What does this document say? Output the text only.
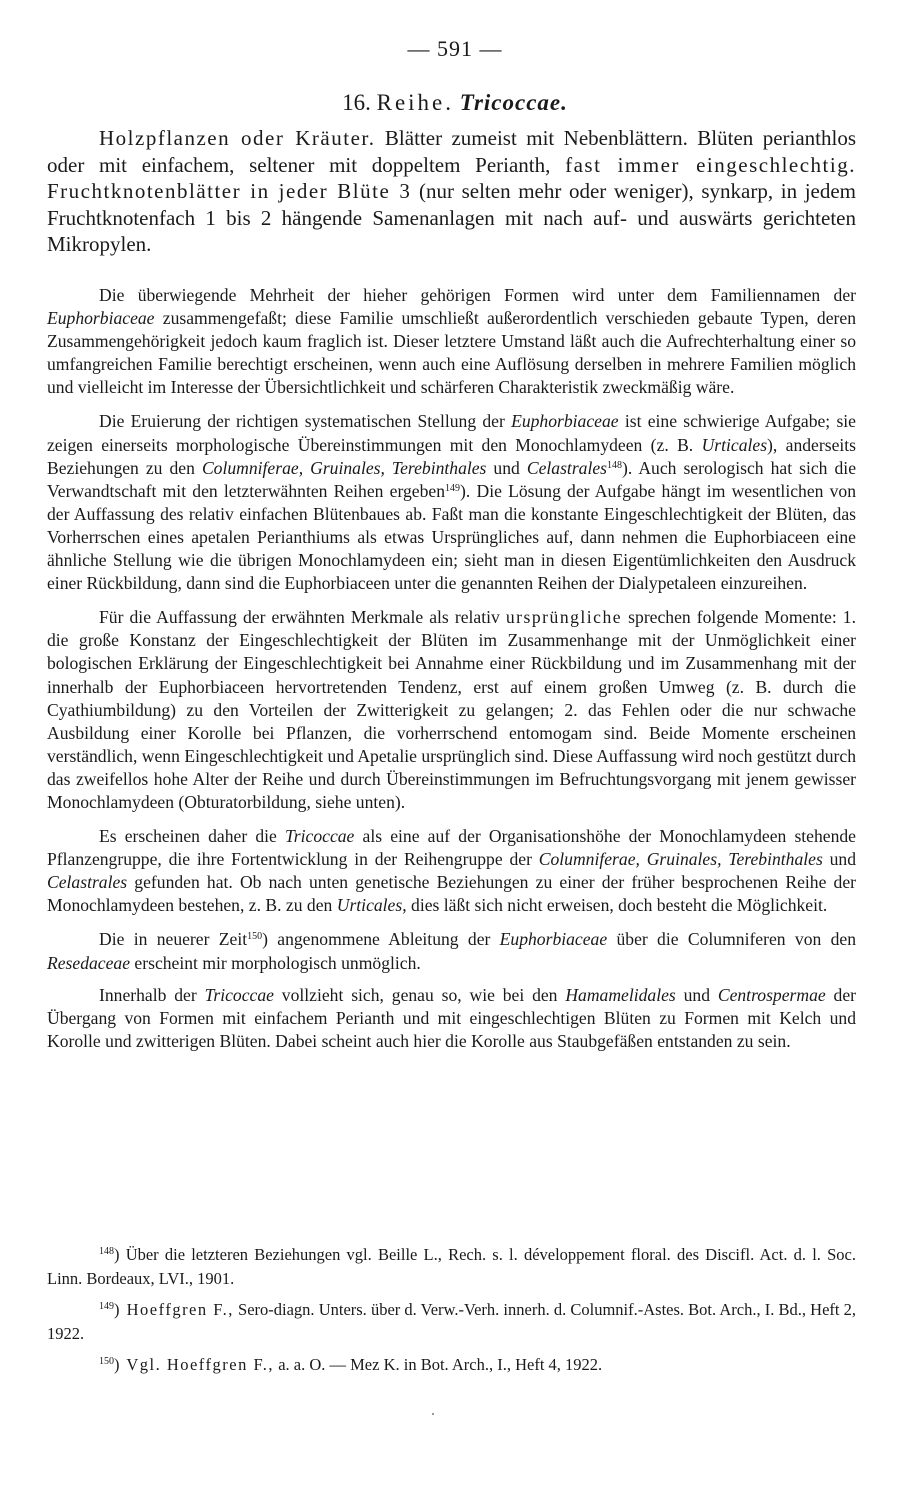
— 591 —
16. Reihe. Tricoccae.

Holzpflanzen oder Kräuter. Blätter zumeist mit Nebenblättern. Blüten perianthlos oder mit einfachem, seltener mit doppeltem Perianth, fast immer eingeschlechtig. Fruchtknotenblätter in jeder Blüte 3 (nur selten mehr oder weniger), synkarp, in jedem Fruchtknotenfach 1 bis 2 hängende Samenanlagen mit nach auf- und auswärts gerichteten Mikropylen.

Die überwiegende Mehrheit der hieher gehörigen Formen wird unter dem Familiennamen der Euphorbiaceae zusammengefaßt; diese Familie umschließt außerordentlich verschieden gebaute Typen, deren Zusammengehörigkeit jedoch kaum fraglich ist. Dieser letztere Umstand läßt auch die Aufrechterhaltung einer so umfangreichen Familie berechtigt erscheinen, wenn auch eine Auflösung derselben in mehrere Familien möglich und vielleicht im Interesse der Übersichtlichkeit und schärferen Charakteristik zweckmäßig wäre.

Die Eruierung der richtigen systematischen Stellung der Euphorbiaceae ist eine schwierige Aufgabe; sie zeigen einerseits morphologische Übereinstimmungen mit den Monochlamydeen (z. B. Urticales), anderseits Beziehungen zu den Columniferae, Gruinales, Terebinthales und Celastrales$^{148}$). Auch serologisch hat sich die Verwandtschaft mit den letzterwähnten Reihen ergeben$^{149}$). Die Lösung der Aufgabe hängt im wesentlichen von der Auffassung des relativ einfachen Blütenbaues ab. Faßt man die konstante Eingeschlechtigkeit der Blüten, das Vorherrschen eines apetalen Perianthiums als etwas Ursprüngliches auf, dann nehmen die Euphorbiaceen eine ähnliche Stellung wie die übrigen Monochlamydeen ein; sieht man in diesen Eigentümlichkeiten den Ausdruck einer Rückbildung, dann sind die Euphorbiaceen unter die genannten Reihen der Dialypetaleen einzureihen.

Für die Auffassung der erwähnten Merkmale als relativ ursprüngliche sprechen folgende Momente: 1. die große Konstanz der Eingeschlechtigkeit der Blüten im Zusammenhange mit der Unmöglichkeit einer bologischen Erklärung der Eingeschlechtigkeit bei Annahme einer Rückbildung und im Zusammenhang mit der innerhalb der Euphorbiaceen hervortretenden Tendenz, erst auf einem großen Umweg (z. B. durch die Cyathiumbildung) zu den Vorteilen der Zwitterigkeit zu gelangen; 2. das Fehlen oder die nur schwache Ausbildung einer Korolle bei Pflanzen, die vorherrschend entomogam sind. Beide Momente erscheinen verständlich, wenn Eingeschlechtigkeit und Apetalie ursprünglich sind. Diese Auffassung wird noch gestützt durch das zweifellos hohe Alter der Reihe und durch Übereinstimmungen im Befruchtungsvorgang mit jenem gewisser Monochlamydeen (Obturatorbildung, siehe unten).

Es erscheinen daher die Tricoccae als eine auf der Organisationshöhe der Monochlamydeen stehende Pflanzengruppe, die ihre Fortentwicklung in der Reihengruppe der Columniferae, Gruinales, Terebinthales und Celastrales gefunden hat. Ob nach unten genetische Beziehungen zu einer der früher besprochenen Reihe der Monochlamydeen bestehen, z. B. zu den Urticales, dies läßt sich nicht erweisen, doch besteht die Möglichkeit.

Die in neuerer Zeit$^{150}$) angenommene Ableitung der Euphorbiaceae über die Columniferen von den Resedaceae erscheint mir morphologisch unmöglich.

Innerhalb der Tricoccae vollzieht sich, genau so, wie bei den Hamamelidales und Centrospermae der Übergang von Formen mit einfachem Perianth und mit eingeschlechtigen Blüten zu Formen mit Kelch und Korolle und zwitterigen Blüten. Dabei scheint auch hier die Korolle aus Staubgefäßen entstanden zu sein.

$^{148}$) Über die letzteren Beziehungen vgl. Beille L., Rech. s. l. développement floral. des Discifl. Act. d. l. Soc. Linn. Bordeaux, LVI., 1901.

$^{149}$) Hoeffgren F., Sero-diagn. Unters. über d. Verw.-Verh. innerh. d. Columnif.-Astes. Bot. Arch., I. Bd., Heft 2, 1922.

$^{150}$) Vgl. Hoeffgren F., a. a. O. — Mez K. in Bot. Arch., I., Heft 4, 1922.
